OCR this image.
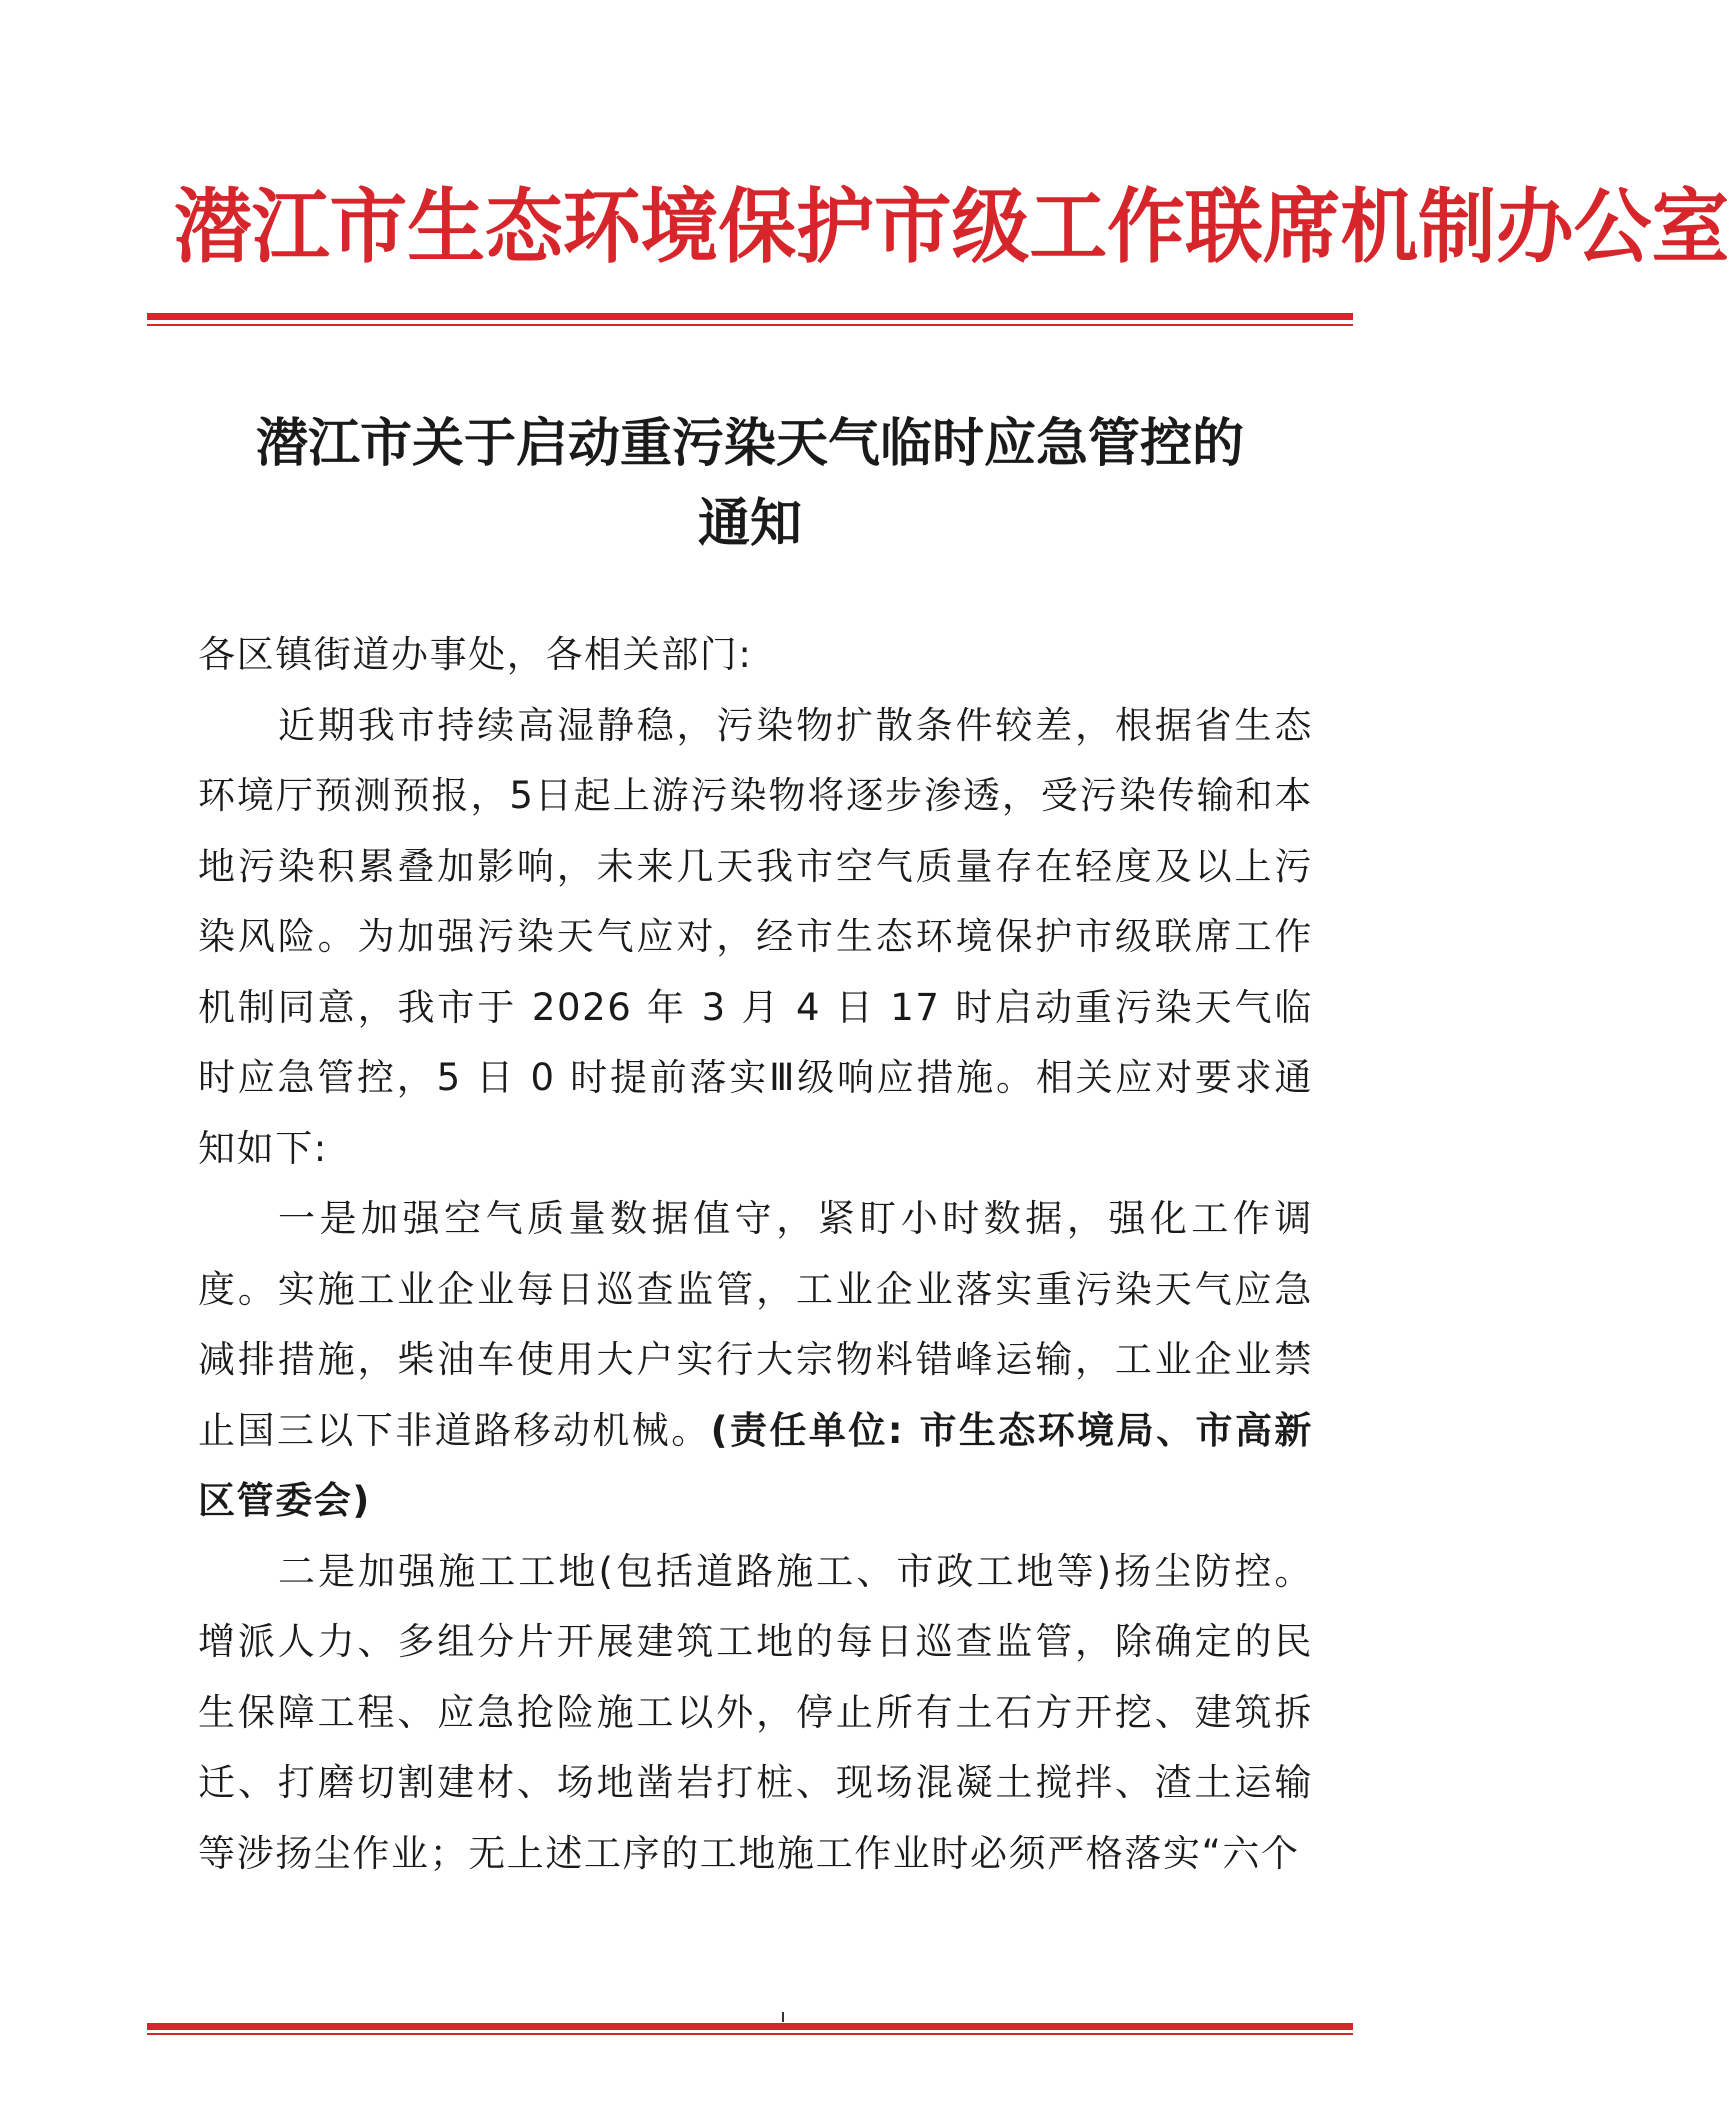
潜江市生态环境保护市级工作联席机制办公室
潜江市关于启动重污染天气临时应急管控的
通知

各区镇街道办事处，各相关部门:

近期我市持续高湿静稳，污染物扩散条件较差，根据省生态环境厅预测预报，5日起上游污染物将逐步渗透，受污染传输和本地污染积累叠加影响，未来几天我市空气质量存在轻度及以上污染风险。为加强污染天气应对，经市生态环境保护市级联席工作机制同意，我市于 2026 年 3 月 4 日 17 时启动重污染天气临时应急管控，5 日 0 时提前落实Ⅲ级响应措施。相关应对要求通知如下:

一是加强空气质量数据值守，紧盯小时数据，强化工作调度。实施工业企业每日巡查监管，工业企业落实重污染天气应急减排措施，柴油车使用大户实行大宗物料错峰运输，工业企业禁止国三以下非道路移动机械。(责任单位: 市生态环境局、市高新区管委会)

二是加强施工工地(包括道路施工、市政工地等)扬尘防控。增派人力、多组分片开展建筑工地的每日巡查监管，除确定的民生保障工程、应急抢险施工以外，停止所有土石方开挖、建筑拆迁、打磨切割建材、场地凿岩打桩、现场混凝土搅拌、渣土运输等涉扬尘作业；无上述工序的工地施工作业时必须严格落实“六个
